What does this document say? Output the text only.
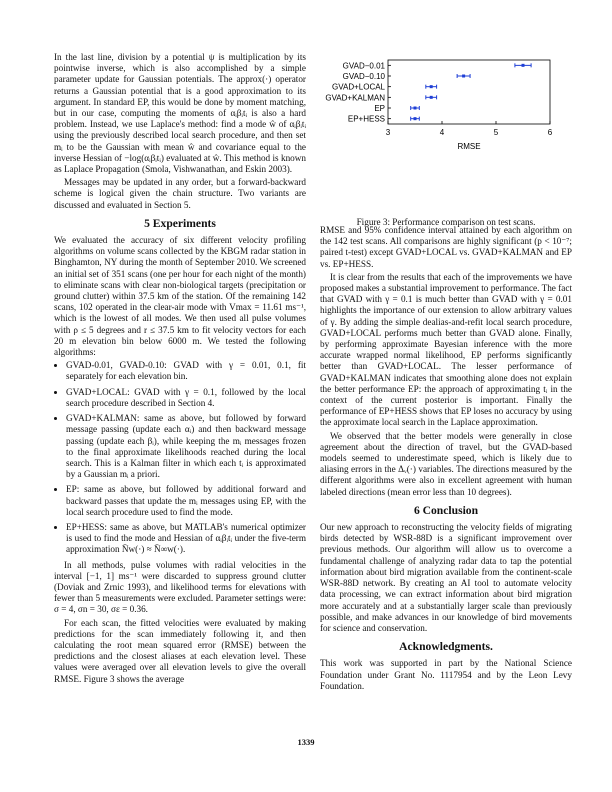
In the last line, division by a potential ψ is multiplication by its pointwise inverse, which is also accomplished by a simple parameter update for Gaussian potentials. The approx(·) operator returns a Gaussian potential that is a good approximation to its argument. In standard EP, this would be done by moment matching, but in our case, computing the moments of αᵢβᵢtᵢ is also a hard problem. Instead, we use Laplace's method: find a mode ŵ of αᵢβᵢtᵢ using the previously described local search procedure, and then set mᵢ to be the Gaussian with mean ŵ and covariance equal to the inverse Hessian of −log(αᵢβᵢtᵢ) evaluated at ŵ. This method is known as Laplace Propagation (Smola, Vishwanathan, and Eskin 2003).

Messages may be updated in any order, but a forward-backward scheme is logical given the chain structure. Two variants are discussed and evaluated in Section 5.

5 Experiments

We evaluated the accuracy of six different velocity profiling algorithms on volume scans collected by the KBGM radar station in Binghamton, NY during the month of September 2010. We screened an initial set of 351 scans (one per hour for each night of the month) to eliminate scans with clear non-biological targets (precipitation or ground clutter) within 37.5 km of the station. Of the remaining 142 scans, 102 operated in the clear-air mode with Vmax = 11.61 ms⁻¹, which is the lowest of all modes. We then used all pulse volumes with ρ ≤ 5 degrees and r ≤ 37.5 km to fit velocity vectors for each 20 m elevation bin below 6000 m. We tested the following algorithms:

• GVAD-0.01, GVAD-0.10: GVAD with γ = 0.01, 0.1, fit separately for each elevation bin.
• GVAD+LOCAL: GVAD with γ = 0.1, followed by the local search procedure described in Section 4.
• GVAD+KALMAN: same as above, but followed by forward message passing (update each αᵢ) and then backward message passing (update each βᵢ), while keeping the mᵢ messages frozen to the final approximate likelihoods reached during the local search. This is a Kalman filter in which each tᵢ is approximated by a Gaussian mᵢ a priori.
• EP: same as above, but followed by additional forward and backward passes that update the mᵢ messages using EP, with the local search procedure used to find the mode.
• EP+HESS: same as above, but MATLAB's numerical optimizer is used to find the mode and Hessian of αᵢβᵢtᵢ under the five-term approximation N̄w(·) ≈ N̄∞w(·).

In all methods, pulse volumes with radial velocities in the interval [−1, 1] ms⁻¹ were discarded to suppress ground clutter (Doviak and Zrnic 1993), and likelihood terms for elevations with fewer than 5 measurements were excluded. Parameter settings were: σ = 4, σn = 30, σε = 0.36.

For each scan, the fitted velocities were evaluated by making predictions for the scan immediately following it, and then calculating the root mean squared error (RMSE) between the predictions and the closest aliases at each elevation level. These values were averaged over all elevation levels to give the overall RMSE. Figure 3 shows the average

3	4	5	6
RMSE
GVAD−0.01
GVAD−0.10
GVAD+LOCAL
GVAD+KALMAN
EP
EP+HESS
Figure 3: Performance comparison on test scans.

RMSE and 95% confidence interval attained by each algorithm on the 142 test scans. All comparisons are highly significant (p < 10⁻⁷; paired t-test) except GVAD+LOCAL vs. GVAD+KALMAN and EP vs. EP+HESS.

It is clear from the results that each of the improvements we have proposed makes a substantial improvement to performance. The fact that GVAD with γ = 0.1 is much better than GVAD with γ = 0.01 highlights the importance of our extension to allow arbitrary values of γ. By adding the simple dealias-and-refit local search procedure, GVAD+LOCAL performs much better than GVAD alone. Finally, by performing approximate Bayesian inference with the more accurate wrapped normal likelihood, EP performs significantly better than GVAD+LOCAL. The lesser performance of GVAD+KALMAN indicates that smoothing alone does not explain the better performance EP: the approach of approximating tᵢ in the context of the current posterior is important. Finally the performance of EP+HESS shows that EP loses no accuracy by using the approximate local search in the Laplace approximation.

We observed that the better models were generally in close agreement about the direction of travel, but the GVAD-based models seemed to underestimate speed, which is likely due to aliasing errors in the Δᵥ(·) variables. The directions measured by the different algorithms were also in excellent agreement with human labeled directions (mean error less than 10 degrees).

6 Conclusion

Our new approach to reconstructing the velocity fields of migrating birds detected by WSR-88D is a significant improvement over previous methods. Our algorithm will allow us to overcome a fundamental challenge of analyzing radar data to tap the potential information about bird migration available from the continent-scale WSR-88D network. By creating an AI tool to automate velocity data processing, we can extract information about bird migration more accurately and at a substantially larger scale than previously possible, and make advances in our knowledge of bird movements for science and conservation.

Acknowledgments.

This work was supported in part by the National Science Foundation under Grant No. 1117954 and by the Leon Levy Foundation.

1339
